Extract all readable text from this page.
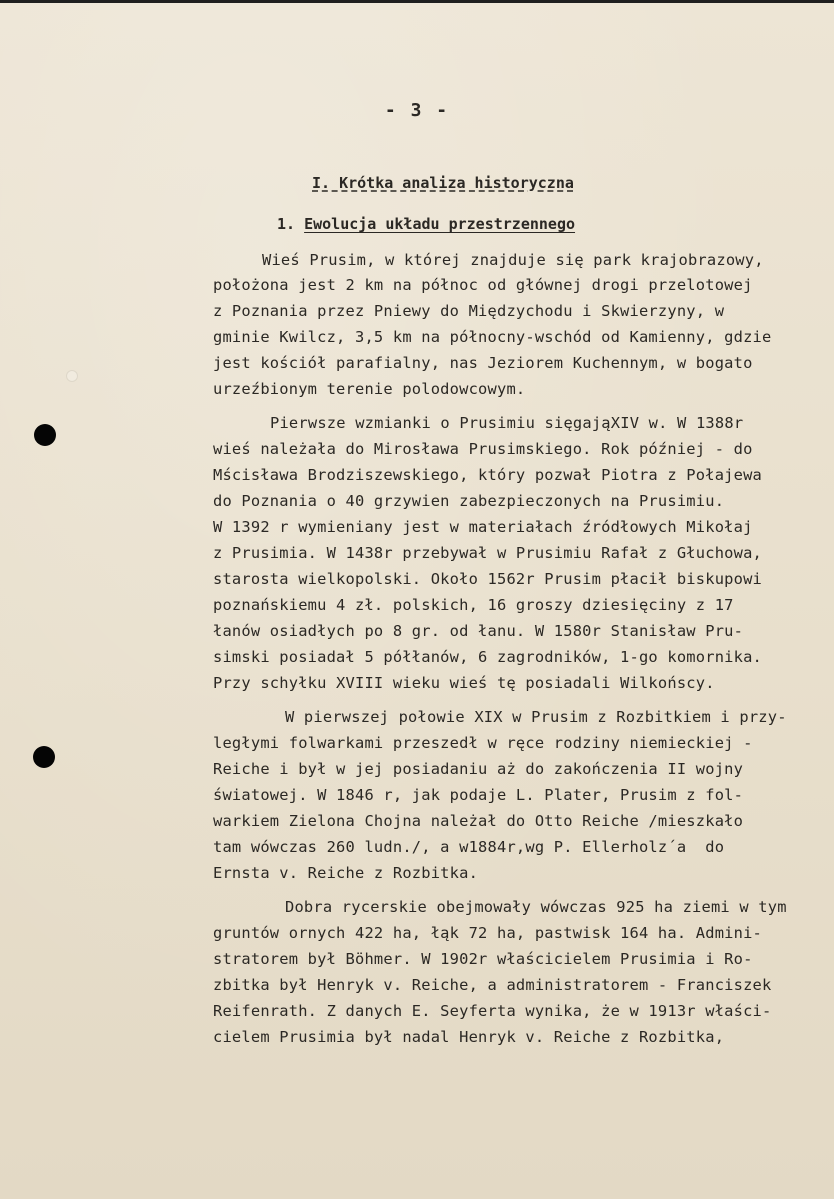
- 3 -
I. Krótka analiza historyczna
1. Ewolucja układu przestrzennego
Wieś Prusim, w której znajduje się park krajobrazowy,
położona jest 2 km na północ od głównej drogi przelotowej
z Poznania przez Pniewy do Międzychodu i Skwierzyny, w
gminie Kwilcz, 3,5 km na północny-wschód od Kamienny, gdzie
jest kościół parafialny, nas Jeziorem Kuchennym, w bogato
urzeźbionym terenie polodowcowym.
Pierwsze wzmianki o Prusimiu sięgająXIV w. W 1388r
wieś należała do Mirosława Prusimskiego. Rok później - do
Mścisława Brodziszewskiego, który pozwał Piotra z Połajewa
do Poznania o 40 grzywien zabezpieczonych na Prusimiu.
W 1392 r wymieniany jest w materiałach źródłowych Mikołaj
z Prusimia. W 1438r przebywał w Prusimiu Rafał z Głuchowa,
starosta wielkopolski. Około 1562r Prusim płacił biskupowi
poznańskiemu 4 zł. polskich, 16 groszy dziesięciny z 17
łanów osiadłych po 8 gr. od łanu. W 1580r Stanisław Pru-
simski posiadał 5 półłanów, 6 zagrodników, 1-go komornika.
Przy schyłku XVIII wieku wieś tę posiadali Wilkońscy.
W pierwszej połowie XIX w Prusim z Rozbitkiem i przy-
ległymi folwarkami przeszedł w ręce rodziny niemieckiej -
Reiche i był w jej posiadaniu aż do zakończenia II wojny
światowej. W 1846 r, jak podaje L. Plater, Prusim z fol-
warkiem Zielona Chojna należał do Otto Reiche /mieszkało
tam wówczas 260 ludn./, a w1884r,wg P. Ellerholz´a  do
Ernsta v. Reiche z Rozbitka.
Dobra rycerskie obejmowały wówczas 925 ha ziemi w tym
gruntów ornych 422 ha, łąk 72 ha, pastwisk 164 ha. Admini-
stratorem był Böhmer. W 1902r właścicielem Prusimia i Ro-
zbitka był Henryk v. Reiche, a administratorem - Franciszek
Reifenrath. Z danych E. Seyferta wynika, że w 1913r właści-
cielem Prusimia był nadal Henryk v. Reiche z Rozbitka,
